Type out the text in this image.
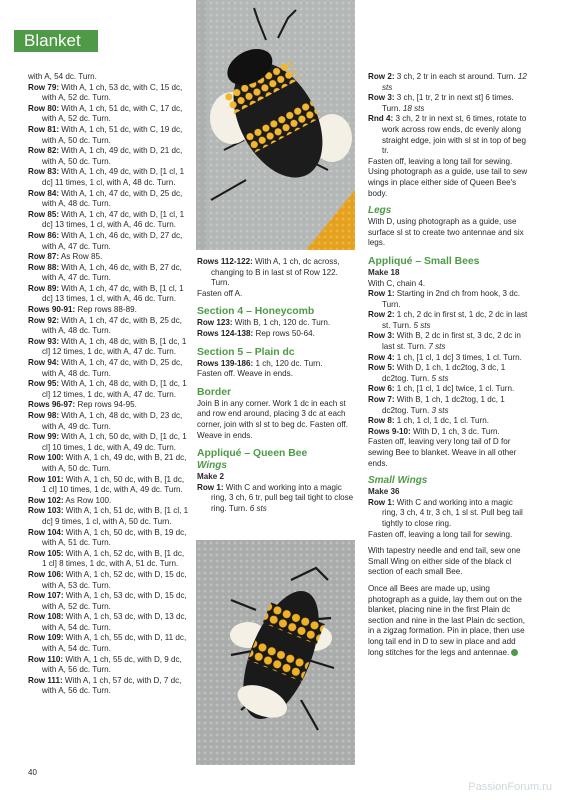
Blanket

with A, 54 dc. Turn.

Row 79: With A, 1 ch, 53 dc, with C, 15 dc, with A, 52 dc. Turn.

Row 80: With A, 1 ch, 51 dc, with C, 17 dc, with A, 52 dc. Turn.

Row 81: With A, 1 ch, 51 dc, with C, 19 dc, with A, 50 dc. Turn.

Row 82: With A, 1 ch, 49 dc, with D, 21 dc, with A, 50 dc. Turn.

Row 83: With A, 1 ch, 49 dc, with D, [1 cl, 1 dc] 11 times, 1 cl, with A, 48 dc. Turn.

Row 84: With A, 1 ch, 47 dc, with D, 25 dc, with A, 48 dc. Turn.

Row 85: With A, 1 ch, 47 dc, with D, [1 cl, 1 dc] 13 times, 1 cl, with A, 46 dc. Turn.

Row 86: With A, 1 ch, 46 dc, with D, 27 dc, with A, 47 dc. Turn.

Row 87: As Row 85.

Row 88: With A, 1 ch, 46 dc, with B, 27 dc, with A, 47 dc. Turn.

Row 89: With A, 1 ch, 47 dc, with B, [1 cl, 1 dc] 13 times, 1 cl, with A, 46 dc. Turn.

Rows 90-91: Rep rows 88-89.

Row 92: With A, 1 ch, 47 dc, with B, 25 dc, with A, 48 dc. Turn.

Row 93: With A, 1 ch, 48 dc, with B, [1 dc, 1 cl] 12 times, 1 dc, with A, 47 dc. Turn.

Row 94: With A, 1 ch, 47 dc, with D, 25 dc, with A, 48 dc. Turn.

Row 95: With A, 1 ch, 48 dc, with D, [1 dc, 1 cl] 12 times, 1 dc, with A, 47 dc. Turn.

Rows 96-97: Rep rows 94-95.

Row 98: With A, 1 ch, 48 dc, with D, 23 dc, with A, 49 dc. Turn.

Row 99: With A, 1 ch, 50 dc, with D, [1 dc, 1 cl] 10 times, 1 dc, with A, 49 dc. Turn.

Row 100: With A, 1 ch, 49 dc, with B, 21 dc, with A, 50 dc. Turn.

Row 101: With A, 1 ch, 50 dc, with B, [1 dc, 1 cl] 10 times, 1 dc, with A, 49 dc. Turn.

Row 102: As Row 100.

Row 103: With A, 1 ch, 51 dc, with B, [1 cl, 1 dc] 9 times, 1 cl, with A, 50 dc. Turn.

Row 104: With A, 1 ch, 50 dc, with B, 19 dc, with A, 51 dc. Turn.

Row 105: With A, 1 ch, 52 dc, with B, [1 dc, 1 cl] 8 times, 1 dc, with A, 51 dc. Turn.

Row 106: With A, 1 ch, 52 dc, with D, 15 dc, with A, 53 dc. Turn.

Row 107: With A, 1 ch, 53 dc, with D, 15 dc, with A, 52 dc. Turn.

Row 108: With A, 1 ch, 53 dc, with D, 13 dc, with A, 54 dc. Turn.

Row 109: With A, 1 ch, 55 dc, with D, 11 dc, with A, 54 dc. Turn.

Row 110: With A, 1 ch, 55 dc, with D, 9 dc, with A, 56 dc. Turn.

Row 111: With A, 1 ch, 57 dc, with D, 7 dc, with A, 56 dc. Turn.

Rows 112-122: With A, 1 ch, dc across, changing to B in last st of Row 122. Turn.

Fasten off A.

Section 4 – Honeycomb

Row 123: With B, 1 ch, 120 dc. Turn.

Rows 124-138: Rep rows 50-64.

Section 5 – Plain dc

Rows 139-186: 1 ch, 120 dc. Turn.

Fasten off. Weave in ends.

Border

Join B in any corner. Work 1 dc in each st and row end around, placing 3 dc at each corner, join with sl st to beg dc. Fasten off. Weave in ends.

Appliqué – Queen Bee

Wings

Make 2

Row 1: With C and working into a magic ring, 3 ch, 6 tr, pull beg tail tight to close ring. Turn. 6 sts

Row 2: 3 ch, 2 tr in each st around. Turn. 12 sts

Row 3: 3 ch, [1 tr, 2 tr in next st] 6 times. Turn. 18 sts

Rnd 4: 3 ch, 2 tr in next st, 6 times, rotate to work across row ends, dc evenly along straight edge, join with sl st in top of beg tr.

Fasten off, leaving a long tail for sewing. Using photograph as a guide, use tail to sew wings in place either side of Queen Bee's body.

Legs

With D, using photograph as a guide, use surface sl st to create two antennae and six legs.

Appliqué – Small Bees

Make 18

With C, chain 4.

Row 1: Starting in 2nd ch from hook, 3 dc. Turn.

Row 2: 1 ch, 2 dc in first st, 1 dc, 2 dc in last st. Turn. 5 sts

Row 3: With B, 2 dc in first st, 3 dc, 2 dc in last st. Turn. 7 sts

Row 4: 1 ch, [1 cl, 1 dc] 3 times, 1 cl. Turn.

Row 5: With D, 1 ch, 1 dc2tog, 3 dc, 1 dc2tog. Turn. 5 sts

Row 6: 1 ch, [1 cl, 1 dc] twice, 1 cl. Turn.

Row 7: With B, 1 ch, 1 dc2tog, 1 dc, 1 dc2tog. Turn. 3 sts

Row 8: 1 ch, 1 cl, 1 dc, 1 cl. Turn.

Rows 9-10: With D, 1 ch, 3 dc. Turn.

Fasten off, leaving very long tail of D for sewing Bee to blanket. Weave in all other ends.

Small Wings

Make 36

Row 1: With C and working into a magic ring, 3 ch, 4 tr, 3 ch, 1 sl st. Pull beg tail tightly to close ring.

Fasten off, leaving a long tail for sewing.

With tapestry needle and end tail, sew one Small Wing on either side of the black cl section of each small Bee.

Once all Bees are made up, using photograph as a guide, lay them out on the blanket, placing nine in the first Plain dc section and nine in the last Plain dc section, in a zigzag formation. Pin in place, then use long tail end in D to sew in place and add long stitches for the legs and antennae.

40
PassionForum.ru
